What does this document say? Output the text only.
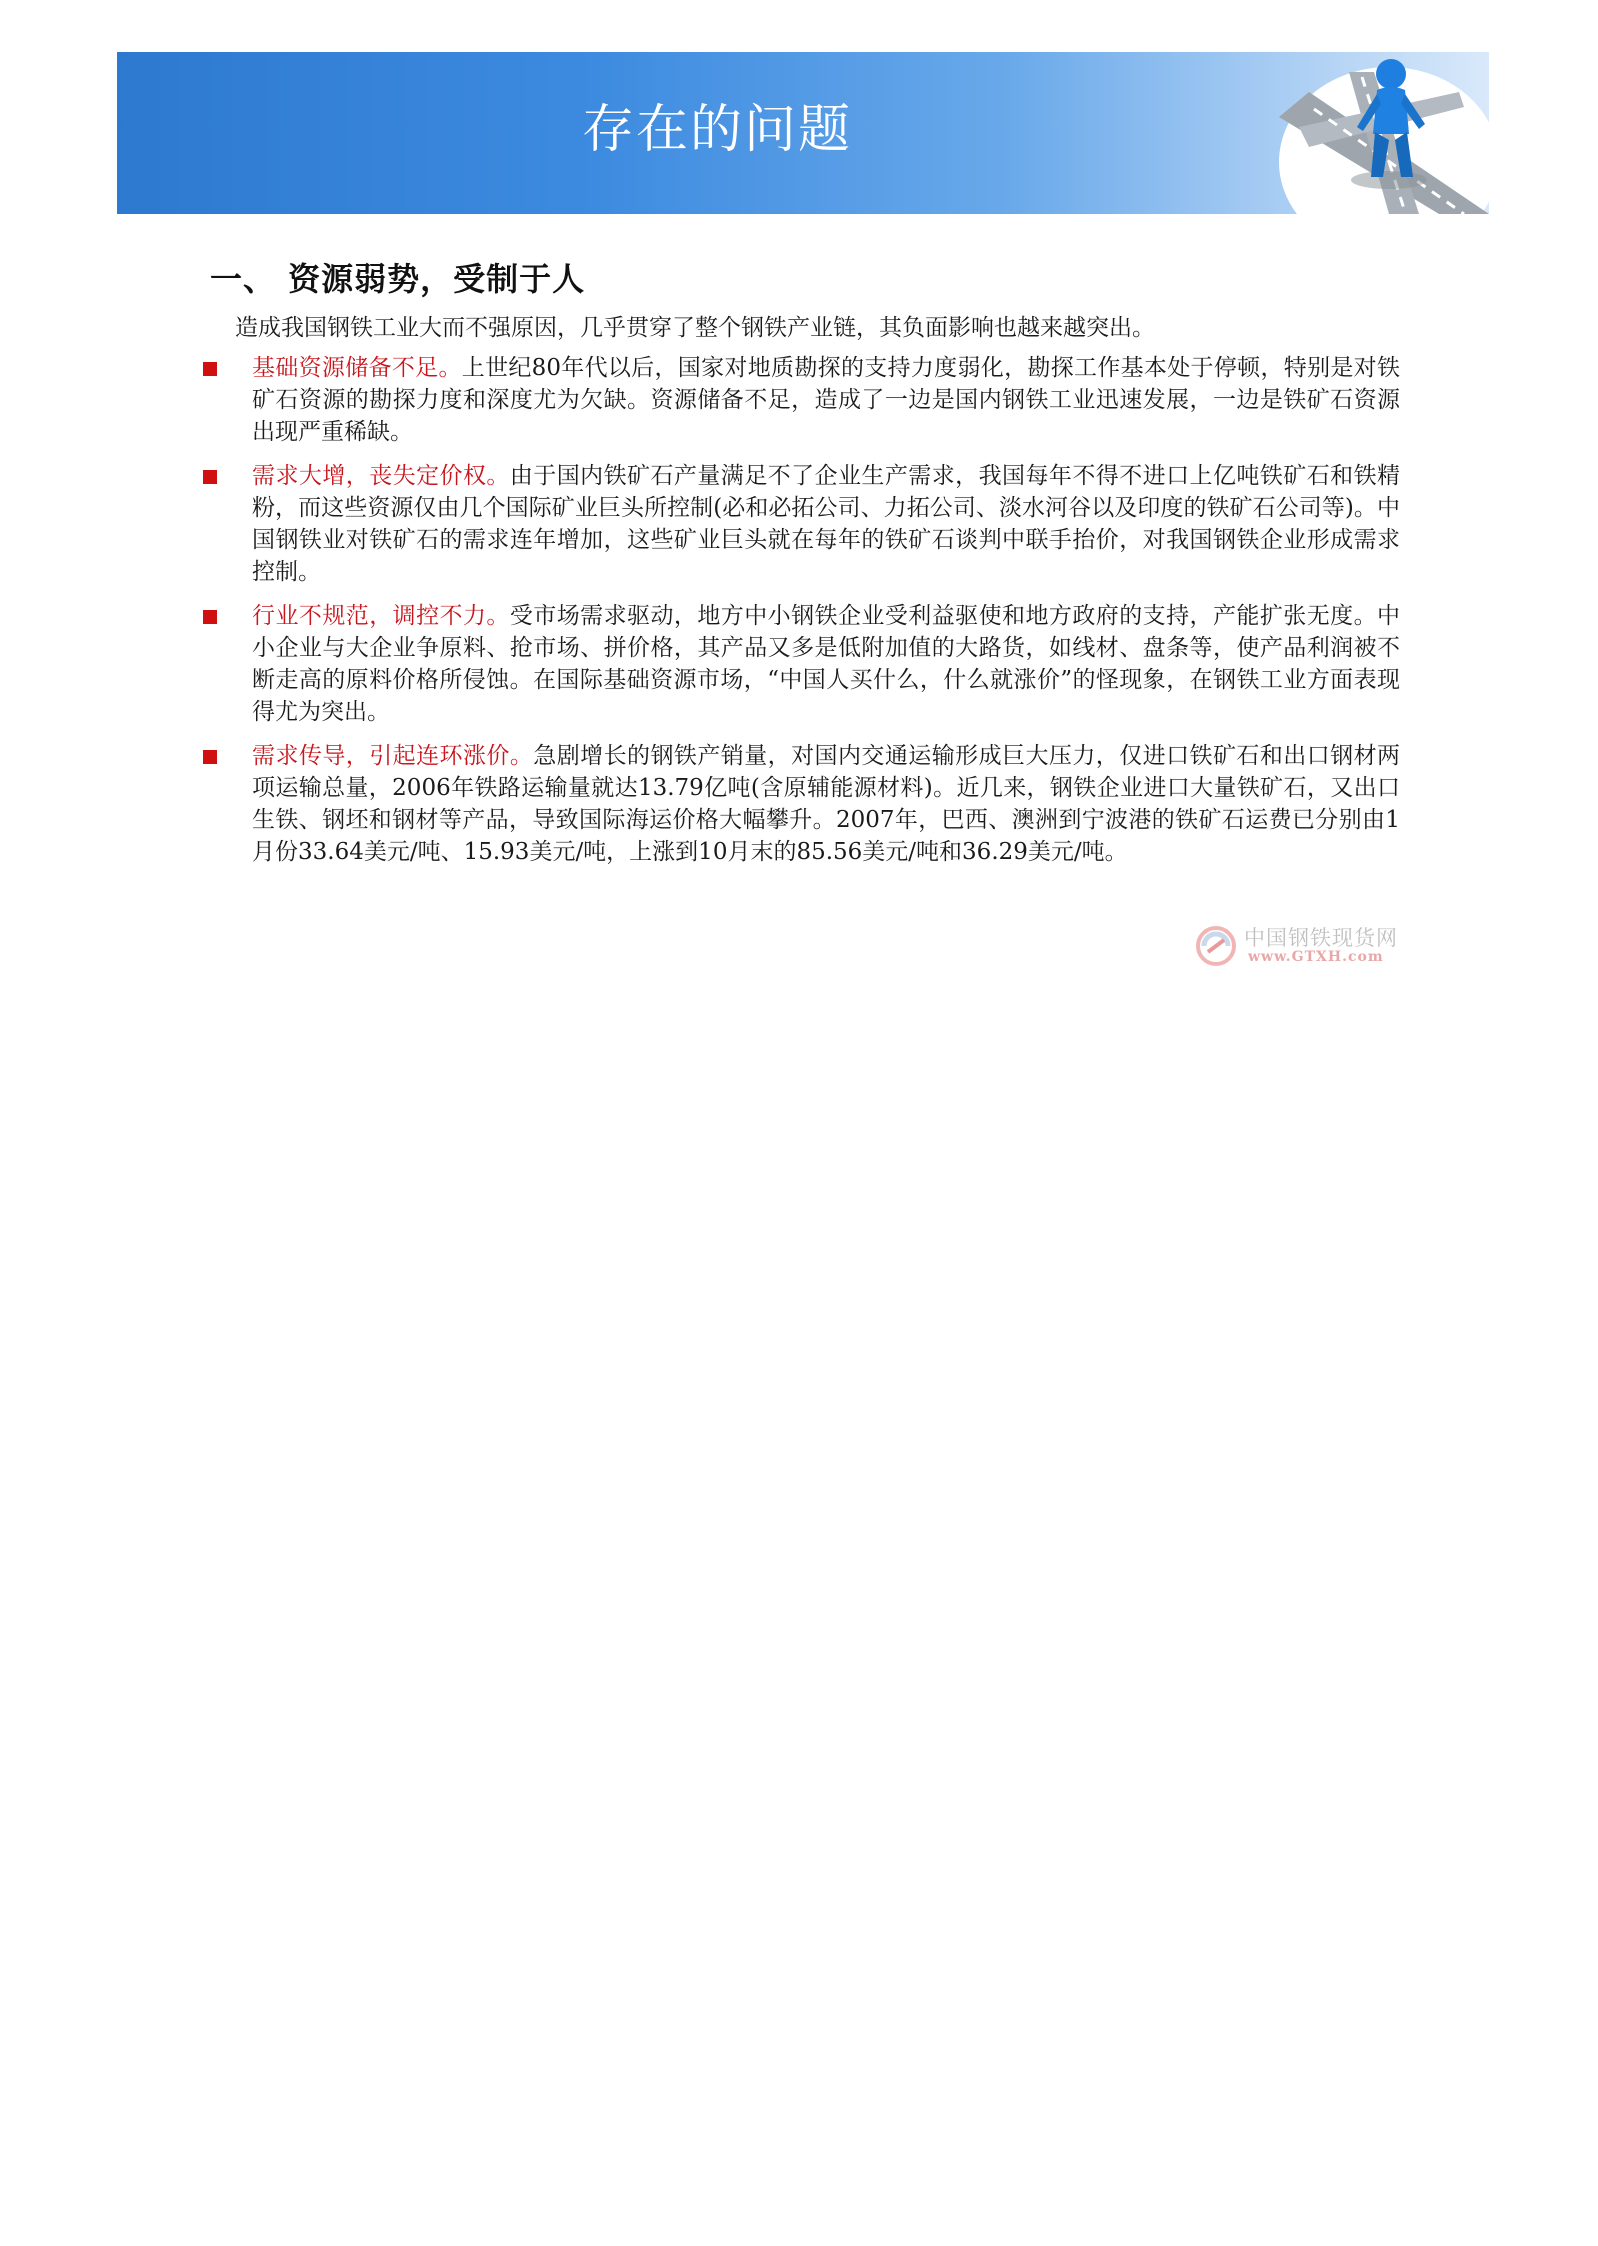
存在的问题
一、 资源弱势，受制于人
造成我国钢铁工业大而不强原因，几乎贯穿了整个钢铁产业链，其负面影响也越来越突出。
基础资源储备不足。上世纪80年代以后，国家对地质勘探的支持力度弱化，勘探工作基本处于停顿，特别是对铁矿石资源的勘探力度和深度尤为欠缺。资源储备不足，造成了一边是国内钢铁工业迅速发展，一边是铁矿石资源出现严重稀缺。
需求大增，丧失定价权。由于国内铁矿石产量满足不了企业生产需求，我国每年不得不进口上亿吨铁矿石和铁精粉，而这些资源仅由几个国际矿业巨头所控制(必和必拓公司、力拓公司、淡水河谷以及印度的铁矿石公司等)。中国钢铁业对铁矿石的需求连年增加，这些矿业巨头就在每年的铁矿石谈判中联手抬价，对我国钢铁企业形成需求控制。
行业不规范，调控不力。受市场需求驱动，地方中小钢铁企业受利益驱使和地方政府的支持，产能扩张无度。中小企业与大企业争原料、抢市场、拼价格，其产品又多是低附加值的大路货，如线材、盘条等，使产品利润被不断走高的原料价格所侵蚀。在国际基础资源市场，“中国人买什么，什么就涨价”的怪现象，在钢铁工业方面表现得尤为突出。
需求传导，引起连环涨价。急剧增长的钢铁产销量，对国内交通运输形成巨大压力，仅进口铁矿石和出口钢材两项运输总量，2006年铁路运输量就达13.79亿吨(含原辅能源材料)。近几来，钢铁企业进口大量铁矿石，又出口生铁、钢坯和钢材等产品，导致国际海运价格大幅攀升。2007年，巴西、澳洲到宁波港的铁矿石运费已分别由1月份33.64美元/吨、15.93美元/吨，上涨到10月末的85.56美元/吨和36.29美元/吨。
中国钢铁现货网
www.GTXH.com
